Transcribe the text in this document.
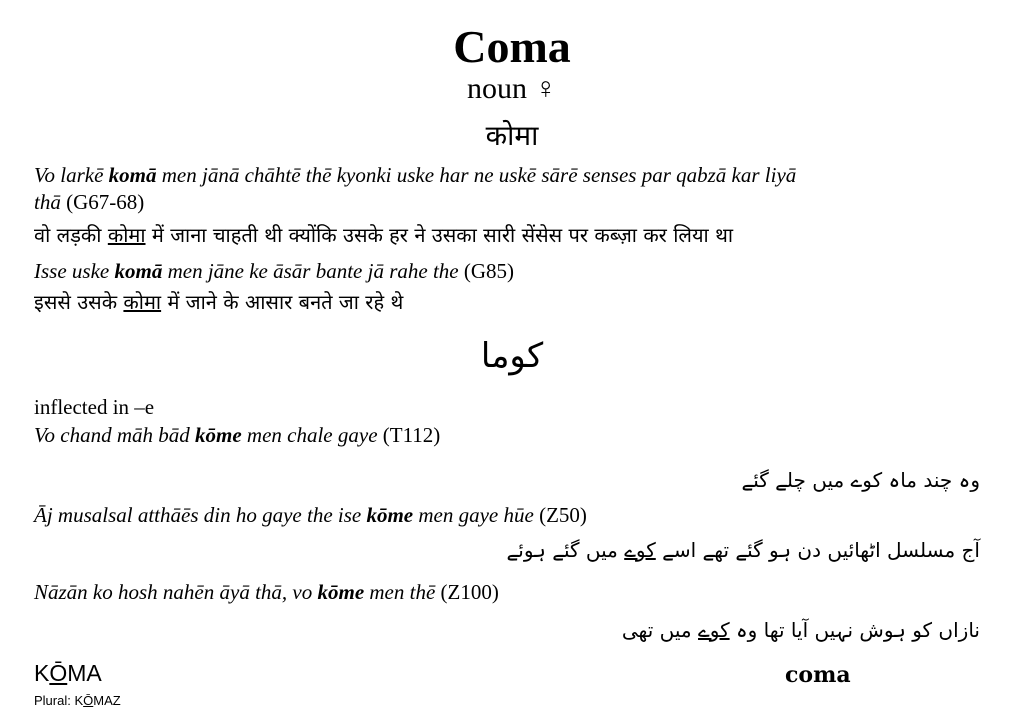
Coma
noun ♀
कोमा
Vo larkē komā men jānā chāhtē thē kyonki uske har ne uskē sārē senses par qabzā kar liyā
thā (G67-68)
वो लड़की कोमा में जाना चाहती थी क्योंकि उसके हर ने उसका सारी सेंसेस पर कब्ज़ा कर लिया था
Isse uske komā men jāne ke āsār bante jā rahe the (G85)
इससे उसके कोमा में जाने के आसार बनते जा रहे थे
کوما
inflected in –e
Vo chand māh bād kōme men chale gaye (T112)
وہ چند ماہ کوے میں چلے گئے
Āj musalsal atthāēs din ho gaye the ise kōme men gaye hūe (Z50)
آج مسلسل اٹھائیں دن ہو گئے تھے اسے کوے میں گئے ہوئے
Nāzān ko hosh nahēn āyā thā, vo kōme men thē (Z100)
نازاں کو ہوش نہیں آیا تھا وہ کوے میں تھی
KŌMA
Plural: KŌMAZ
coma
